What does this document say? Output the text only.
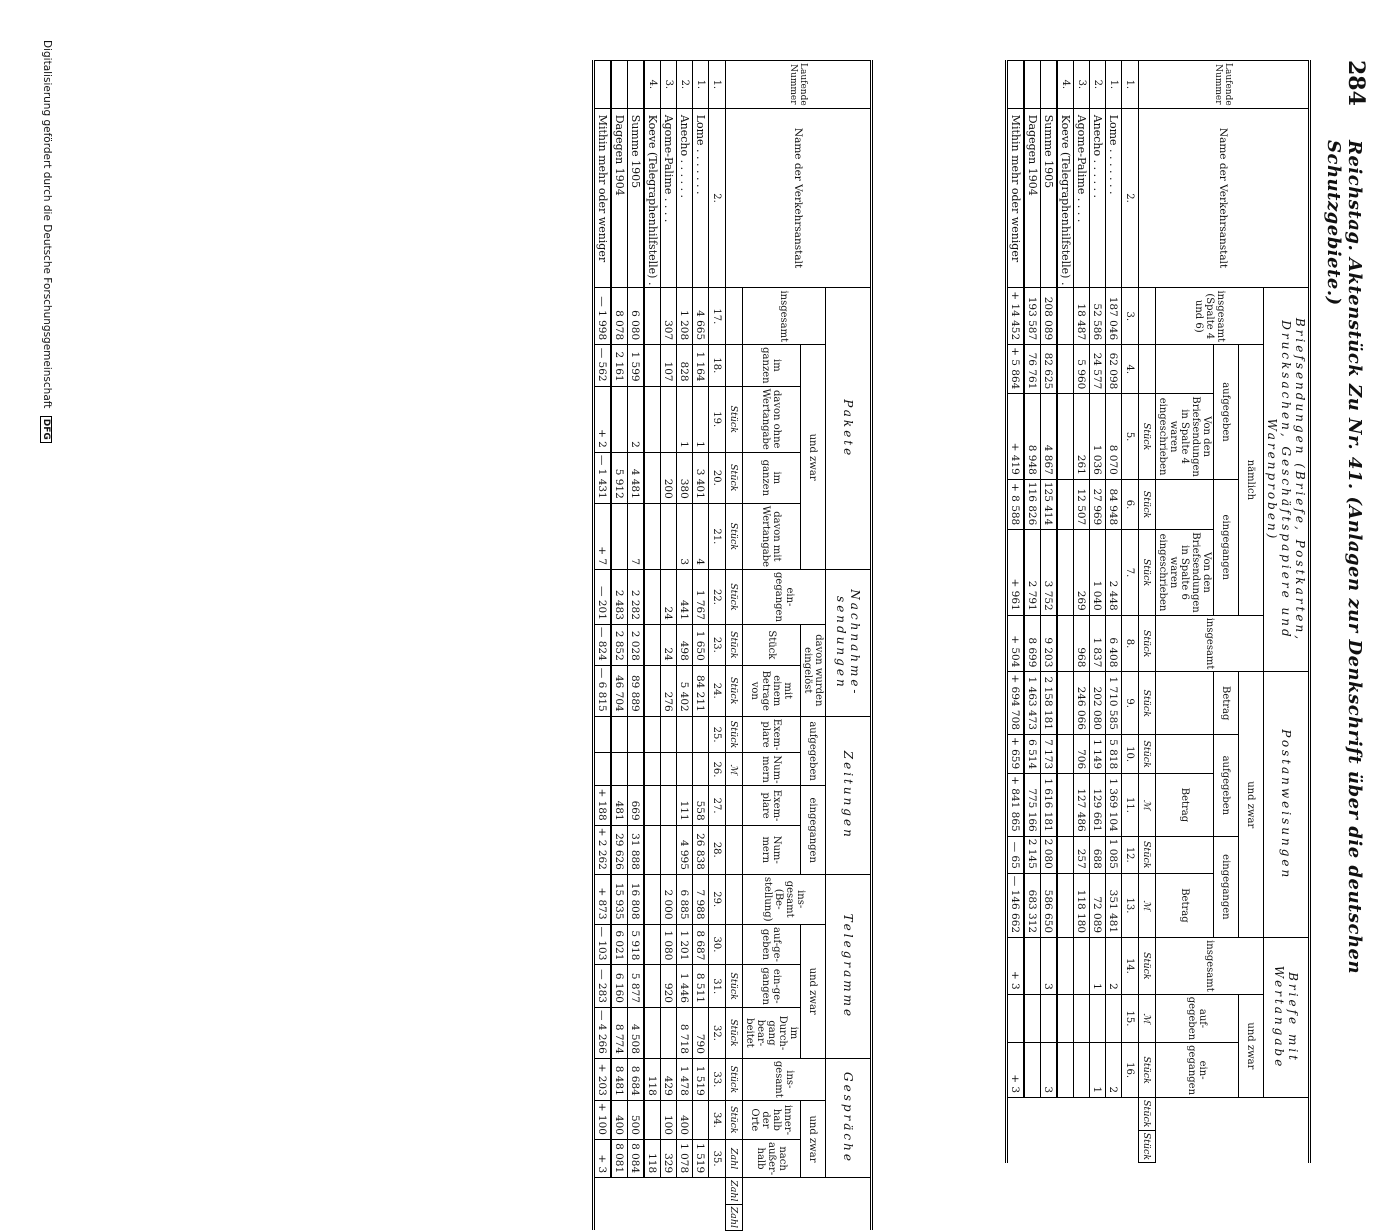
284
Reichstag. Aktenstück Zu Nr. 41. (Anlagen zur Denkschrift über die deutschen Schutzgebiete.)
Laufende Nummer	Name der Verkehrsanstalt	Briefsendungen (Briefe, Postkarten, Drucksachen, Geschäftspapiere und Warenproben)						Postanweisungen					Briefe mit Wertangabe				
		insgesamt (Spalte 4 und 6)	nämlich				insgesamt	und zwar					insgesamt	und zwar			
			aufgegeben		eingegangen			Betrag	aufgegeben		eingegangen			auf-gegeben	ein-gegangen		
				Von den Briefsendungen in Spalte 4 waren eingeschrieben		Von den Briefsendungen in Spalte 6 waren eingeschrieben				Betrag		Betrag					
				Stück	Stück	Stück	Stück	Stück	Stück	ℳ	Stück	ℳ	Stück	ℳ	Stück	Stück	Stück
1.	2.	3.	4.	5.	6.	7.	8.	9.	10.	11.	12.	13.	14.	15.	16.		
1.	Lome . . . . . . .	187 046	62 098	8 070	84 948	2 448	6 408	1 710 585	5 818	1 369 104	1 085	351 481	2		2		
2.	Anecho . . . . . .	52 586	24 577	1 036	27 969	1 040	1 837	202 080	1 149	129 661	688	72 089	1		1		
3.	Agome-Palime . . . .	18 487	5 960	261	12 507	269	968	246 066	706	127 486	257	118 180					
4.	Koeve (Telegraphenhilfstelle) .																
	Summe 1905	208 089	82 625	4 867	125 414	3 752	9 203	2 158 181	7 173	1 616 181	2 080	586 650	3		3		
	Dagegen 1904	193 587	76 761	8 948	116 826	2 791	8 699	1 463 473	6 514	775 166	2 145	683 312					
	Mithin mehr oder weniger	+ 14 452	+ 5 864	+ 419	+ 8 588	+ 961	+ 504	+ 694 708	+ 659	+ 841 865	— 65	— 146 662	+ 3		+ 3		
Laufende Nummer	Name der Verkehrsanstalt	Pakete					Nachnahme-sendungen			Zeitungen				Telegramme				Gespräche				
		insgesamt	und zwar				ein-gegangen	davon wurden eingelöst		aufgegeben		eingegangen		ins-gesamt (Be-stellung)	und zwar			ins-gesamt	und zwar			
			im ganzen	davon ohne Wertangabe	im ganzen	davon mit Wertangabe		Stück	mit einem Betrage von	Exem-plare	Num-mern	Exem-plare	Num-mern		auf-ge-geben	ein-ge-gangen	im Durch-gang bear-beitet		inner-halb der Orte	nach außer-halb		
				Stück	Stück	Stück	Stück	Stück	Stück	Stück	ℳ					Stück	Stück	Stück	Stück	Zahl	Zahl	Zahl
1.	2.	17.	18.	19.	20.	21.	22.	23.	24.	25.	26.	27.	28.	29.	30.	31.	32.	33.	34.	35.		
1.	Lome . . . . . . .	4 665	1 164	1	3 401	4	1 767	1 650	84 211			558	26 838	7 988	8 687	8 511	790	1 519		1 519		
2.	Anecho . . . . . .	1 208	828	1	380	3	441	498	5 402			111	4 995	6 885	1 201	1 446	8 718	1 478	400	1 078		
3.	Agome-Palime . . . .	307	107		200		24	24	276					2 000	1 080	920		429	100	329		
4.	Koeve (Telegraphenhilfstelle) .																	118		118		
	Summe 1905	6 080	1 599	2	4 481	7	2 282	2 028	89 889			669	31 888	16 808	5 918	5 877	4 508	8 684	500	8 084		
	Dagegen 1904	8 078	2 161		5 912		2 483	2 852	46 704			481	29 626	15 935	6 021	6 160	8 774	8 481	400	8 081		
	Mithin mehr oder weniger	— 1 998	— 562	+ 2	— 1 431	+ 7	— 201	— 824	— 6 815			+ 188	+ 2 262	+ 873	— 103	— 283	— 4 266	+ 203	+ 100	+ 3		
Digitalisierung gefördert durch die Deutsche Forschungsgemeinschaft DFG
